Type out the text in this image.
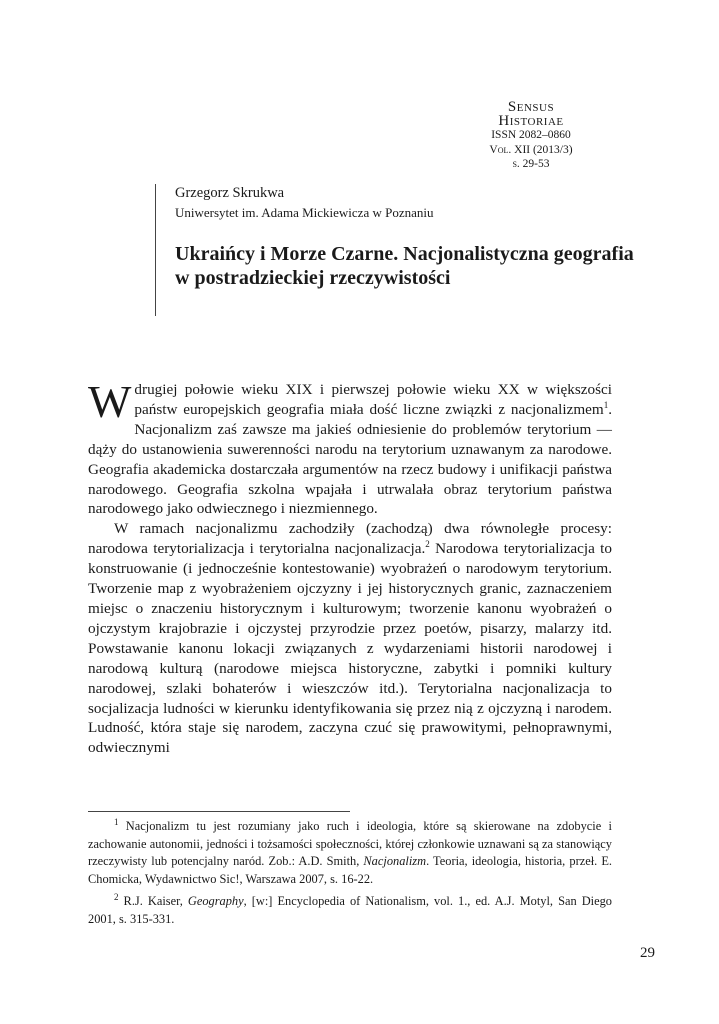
Sensus
Historiae
ISSN 2082–0860
Vol. XII (2013/3)
s. 29-53
Grzegorz Skrukwa
Uniwersytet im. Adama Mickiewicza w Poznaniu
Ukraińcy i Morze Czarne. Nacjonalistyczna geografia w postradzieckiej rzeczywistości

W drugiej połowie wieku XIX i pierwszej połowie wieku XX w większości państw europejskich geografia miała dość liczne związki z nacjonalizmem$^1$. Nacjonalizm zaś zawsze ma jakieś odniesienie do problemów terytorium — dąży do ustanowienia suwerenności narodu na terytorium uznawanym za narodowe. Geografia akademicka dostarczała argumentów na rzecz budowy i unifikacji państwa narodowego. Geografia szkolna wpajała i utrwalała obraz terytorium państwa narodowego jako odwiecznego i niezmiennego.

W ramach nacjonalizmu zachodziły (zachodzą) dwa równoległe procesy: narodowa terytorializacja i terytorialna nacjonalizacja.$^2$ Narodowa terytorializacja to konstruowanie (i jednocześnie kontestowanie) wyobrażeń o narodowym terytorium. Tworzenie map z wyobrażeniem ojczyzny i jej historycznych granic, zaznaczeniem miejsc o znaczeniu historycznym i kulturowym; tworzenie kanonu wyobrażeń o ojczystym krajobrazie i ojczystej przyrodzie przez poetów, pisarzy, malarzy itd. Powstawanie kanonu lokacji związanych z wydarzeniami historii narodowej i narodową kulturą (narodowe miejsca historyczne, zabytki i pomniki kultury narodowej, szlaki bohaterów i wieszczów itd.). Terytorialna nacjonalizacja to socjalizacja ludności w kierunku identyfikowania się przez nią z ojczyzną i narodem. Ludność, która staje się narodem, zaczyna czuć się prawowitymi, pełnoprawnymi, odwiecznymi

$^1$ Nacjonalizm tu jest rozumiany jako ruch i ideologia, które są skierowane na zdobycie i zachowanie autonomii, jedności i tożsamości społeczności, której członkowie uznawani są za stanowiący rzeczywisty lub potencjalny naród. Zob.: A.D. Smith, Nacjonalizm. Teoria, ideologia, historia, przeł. E. Chomicka, Wydawnictwo Sic!, Warszawa 2007, s. 16-22.

$^2$ R.J. Kaiser, Geography, [w:] Encyclopedia of Nationalism, vol. 1., ed. A.J. Motyl, San Diego 2001, s. 315-331.

29
